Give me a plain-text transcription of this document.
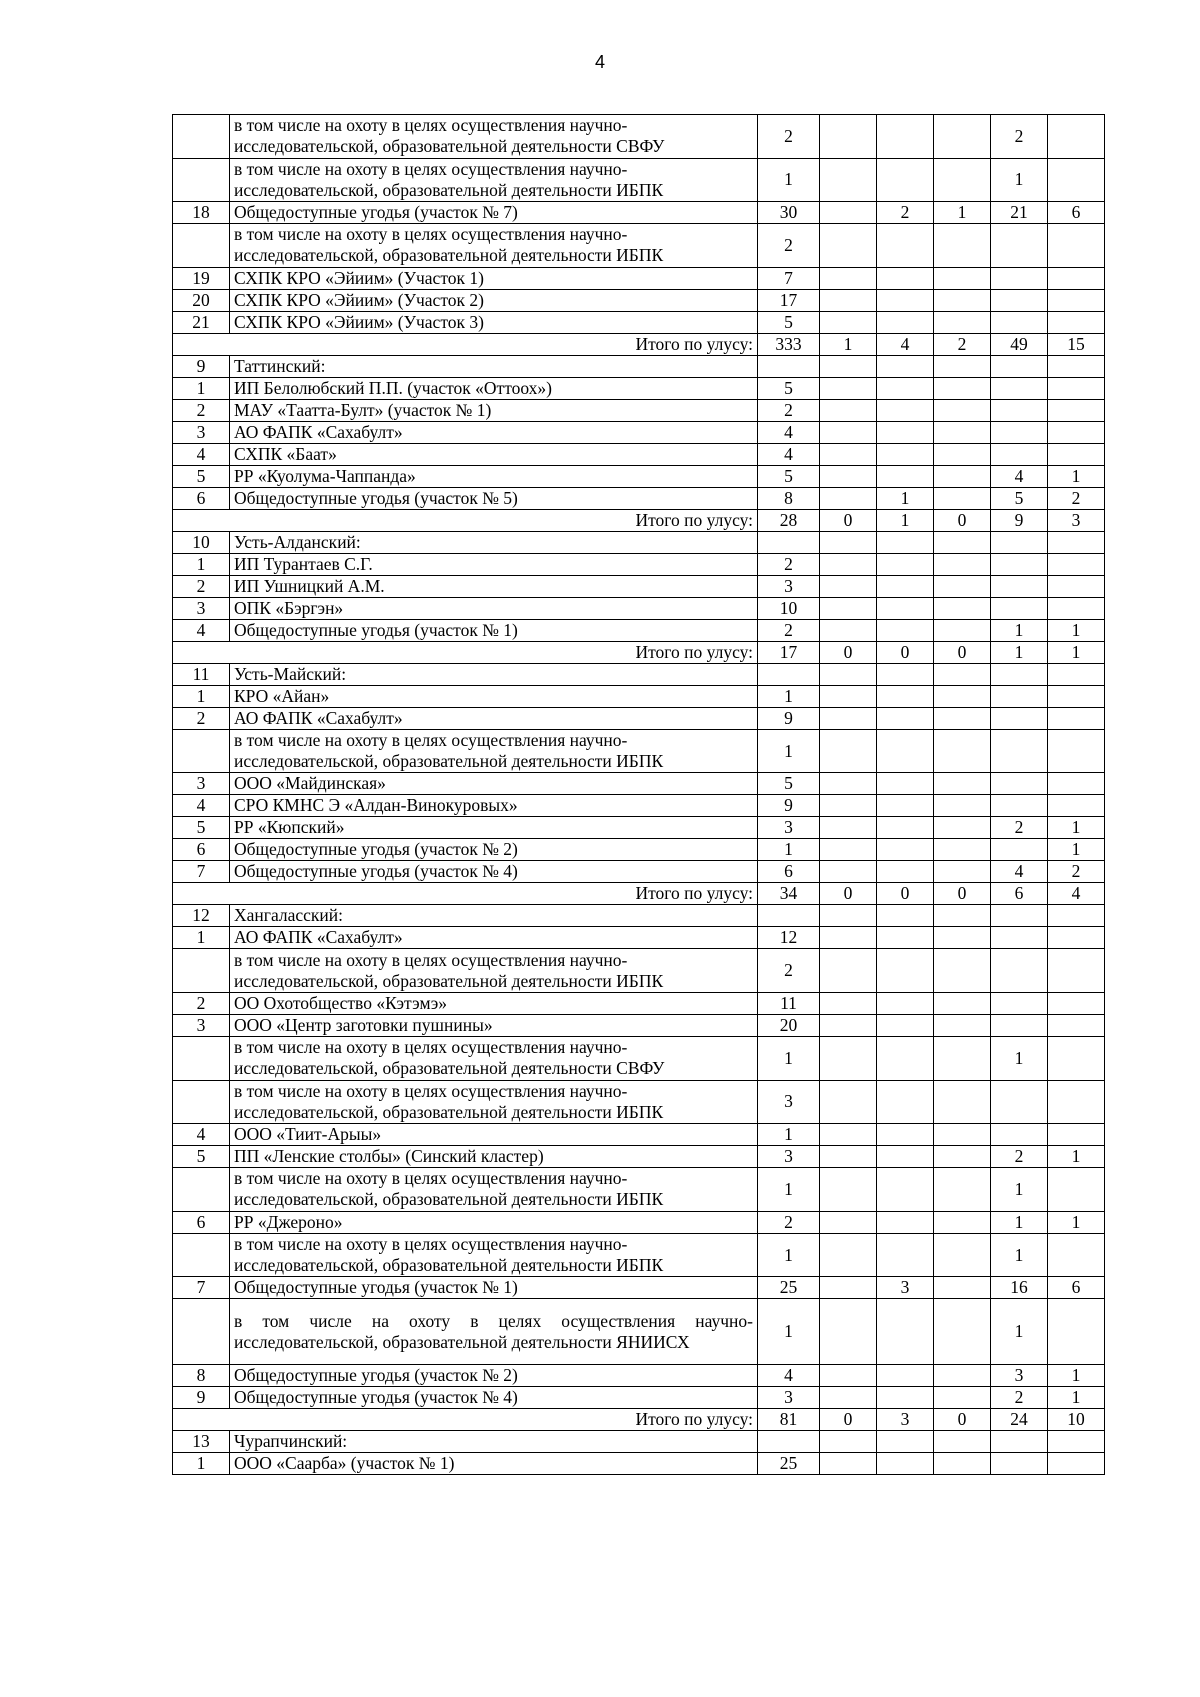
4
	в том числе на охоту в целях осуществления научно-исследовательской, образовательной деятельности СВФУ	2				2	
	в том числе на охоту в целях осуществления научно-исследовательской, образовательной деятельности ИБПК	1				1	
18	Общедоступные угодья (участок № 7)	30		2	1	21	6
	в том числе на охоту в целях осуществления научно-исследовательской, образовательной деятельности ИБПК	2					
19	СХПК КРО «Эйиим» (Участок 1)	7					
20	СХПК КРО «Эйиим» (Участок 2)	17					
21	СХПК КРО «Эйиим» (Участок 3)	5					
Итого по улусу:		333	1	4	2	49	15
9	Таттинский:						
1	ИП Белолюбский П.П. (участок «Оттоох»)	5					
2	МАУ «Таатта-Булт» (участок № 1)	2					
3	АО ФАПК «Сахабулт»	4					
4	СХПК «Баат»	4					
5	РР «Куолума-Чаппанда»	5				4	1
6	Общедоступные угодья (участок № 5)	8		1		5	2
Итого по улусу:		28	0	1	0	9	3
10	Усть-Алданский:						
1	ИП Турантаев С.Г.	2					
2	ИП Ушницкий А.М.	3					
3	ОПК «Бэргэн»	10					
4	Общедоступные угодья (участок № 1)	2				1	1
Итого по улусу:		17	0	0	0	1	1
11	Усть-Майский:						
1	КРО «Айан»	1					
2	АО ФАПК «Сахабулт»	9					
	в том числе на охоту в целях осуществления научно-исследовательской, образовательной деятельности ИБПК	1					
3	ООО «Майдинская»	5					
4	СРО КМНС Э «Алдан-Винокуровых»	9					
5	РР «Кюпский»	3				2	1
6	Общедоступные угодья (участок № 2)	1					1
7	Общедоступные угодья (участок № 4)	6				4	2
Итого по улусу:		34	0	0	0	6	4
12	Хангаласский:						
1	АО ФАПК «Сахабулт»	12					
	в том числе на охоту в целях осуществления научно-исследовательской, образовательной деятельности ИБПК	2					
2	ОО Охотобщество «Кэтэмэ»	11					
3	ООО «Центр заготовки пушнины»	20					
	в том числе на охоту в целях осуществления научно-исследовательской, образовательной деятельности СВФУ	1				1	
	в том числе на охоту в целях осуществления научно-исследовательской, образовательной деятельности ИБПК	3					
4	ООО «Тиит-Арыы»	1					
5	ПП «Ленские столбы» (Синский кластер)	3				2	1
	в том числе на охоту в целях осуществления научно-исследовательской, образовательной деятельности ИБПК	1				1	
6	РР «Джероно»	2				1	1
	в том числе на охоту в целях осуществления научно-исследовательской, образовательной деятельности ИБПК	1				1	
7	Общедоступные угодья (участок № 1)	25		3		16	6
	в том числе на охоту в целях осуществления научно-исследовательской, образовательной деятельности ЯНИИСХ	1				1	
8	Общедоступные угодья (участок № 2)	4				3	1
9	Общедоступные угодья (участок № 4)	3				2	1
Итого по улусу:		81	0	3	0	24	10
13	Чурапчинский:						
1	ООО «Саарба» (участок № 1)	25					
